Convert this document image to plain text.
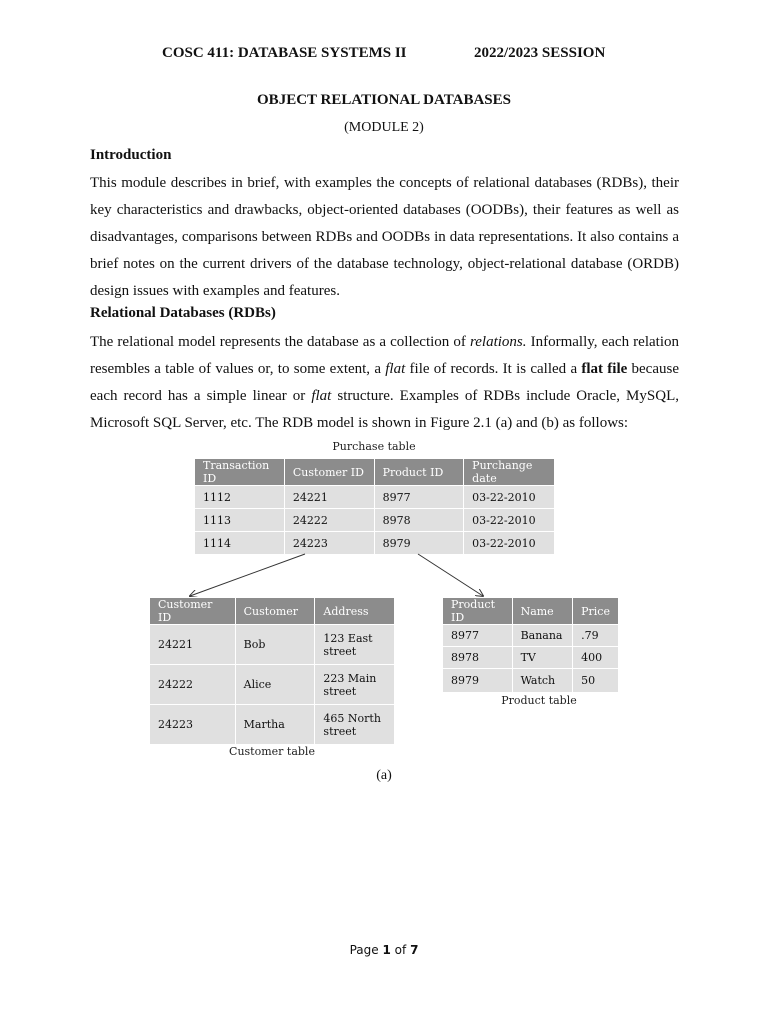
COSC 411: DATABASE SYSTEMS II	2022/2023 SESSION
OBJECT RELATIONAL DATABASES
(MODULE 2)
Introduction
This module describes in brief, with examples the concepts of relational databases (RDBs), their
key characteristics and drawbacks, object-oriented databases (OODBs), their features as well as
disadvantages, comparisons between RDBs and OODBs in data representations. It also contains a
brief notes on the current drivers of the database technology, object-relational database (ORDB)
design issues with examples and features.
Relational Databases (RDBs)
The relational model represents the database as a collection of relations. Informally, each relation
resembles a table of values or, to some extent, a flat file of records. It is called a flat file because
each record has a simple linear or flat structure. Examples of RDBs include Oracle, MySQL,
Microsoft SQL Server, etc. The RDB model is shown in Figure 2.1 (a) and (b) as follows:
Purchase table
Transaction ID	Customer ID	Product ID	Purchange date
1112	24221	8977	03-22-2010
1113	24222	8978	03-22-2010
1114	24223	8979	03-22-2010
Customer ID	Customer	Address
24221	Bob	123 East street
24222	Alice	223 Main street
24223	Martha	465 North street
Customer table
Product ID	Name	Price
8977	Banana	.79
8978	TV	400
8979	Watch	50
Product table
(a)
Page 1 of 7
